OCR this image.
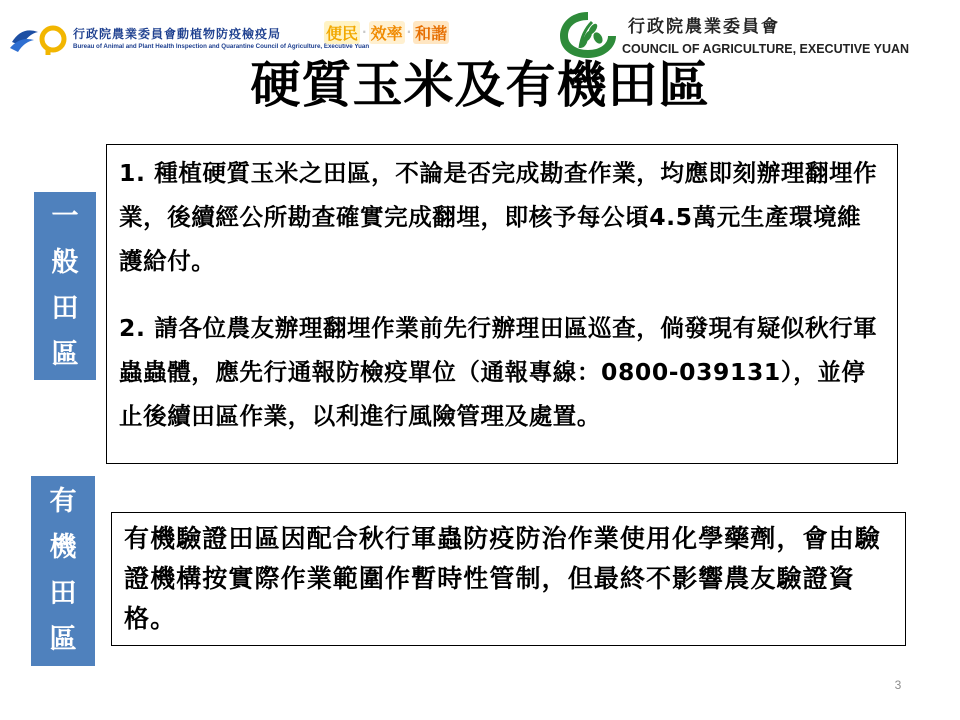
行政院農業委員會動植物防疫檢疫局
Bureau of Animal and Plant Health Inspection and Quarantine Council of Agriculture, Executive Yuan
便民 · 效率 · 和諧	行政院農業委員會
COUNCIL OF AGRICULTURE, EXECUTIVE YUAN
硬質玉米及有機田區
一
般
田
區

1. 種植硬質玉米之田區，不論是否完成勘查作業，均應即刻辦理翻埋作業，後續經公所勘查確實完成翻埋，即核予每公頃4.5萬元生產環境維護給付。

2. 請各位農友辦理翻埋作業前先行辦理田區巡查，倘發現有疑似秋行軍蟲蟲體，應先行通報防檢疫單位（通報專線：0800-039131），並停止後續田區作業，以利進行風險管理及處置。

有
機
田
區

有機驗證田區因配合秋行軍蟲防疫防治作業使用化學藥劑，會由驗證機構按實際作業範圍作暫時性管制，但最終不影響農友驗證資格。

3
